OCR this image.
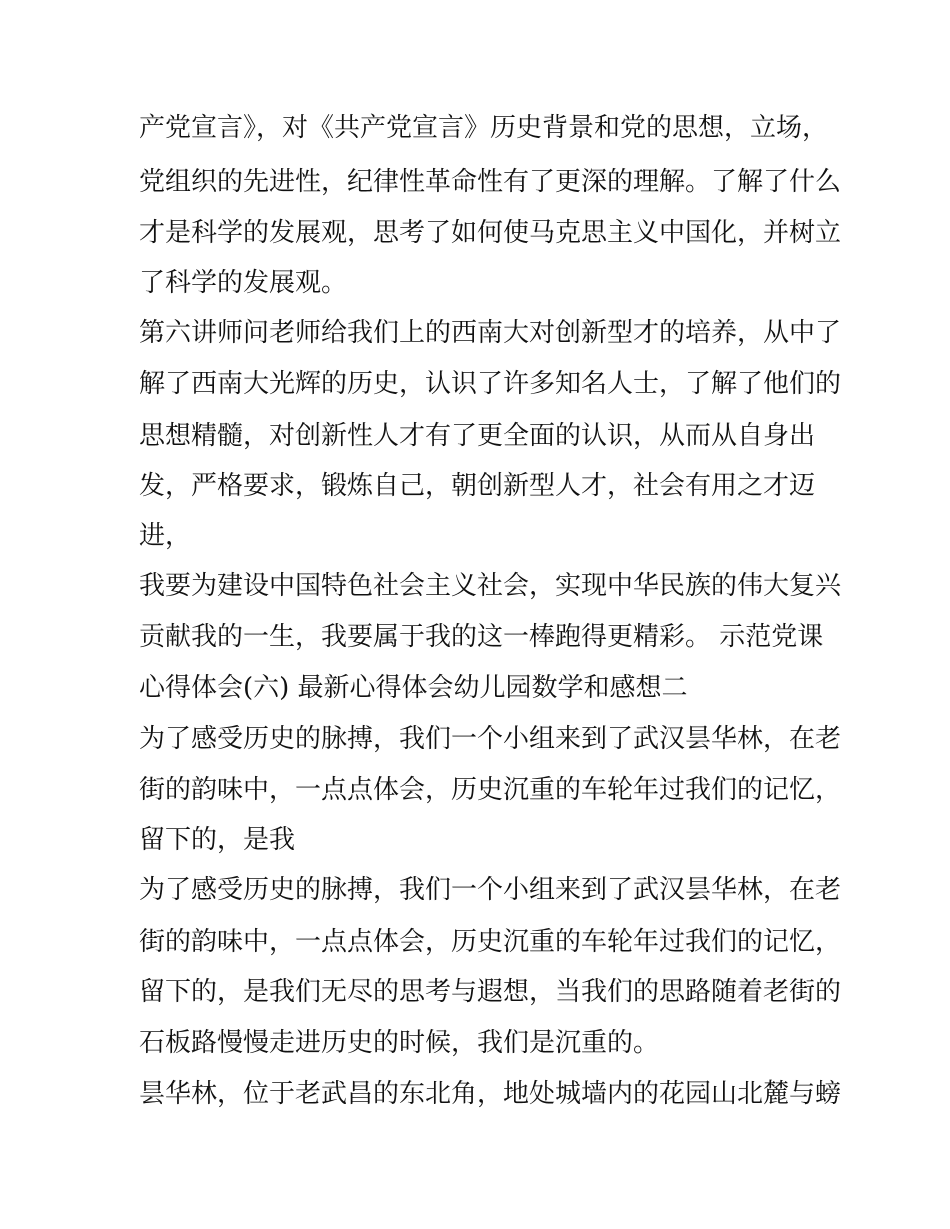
产党宣言》，对《共产党宣言》历史背景和党的思想，立场，
党组织的先进性，纪律性革命性有了更深的理解。了解了什么
才是科学的发展观，思考了如何使马克思主义中国化，并树立
了科学的发展观。
第六讲师问老师给我们上的西南大对创新型才的培养，从中了
解了西南大光辉的历史，认识了许多知名人士，了解了他们的
思想精髓，对创新性人才有了更全面的认识，从而从自身出
发，严格要求，锻炼自己，朝创新型人才，社会有用之才迈
进，
我要为建设中国特色社会主义社会，实现中华民族的伟大复兴
贡献我的一生，我要属于我的这一棒跑得更精彩。 示范党课
心得体会(六) 最新心得体会幼儿园数学和感想二
为了感受历史的脉搏，我们一个小组来到了武汉昙华林，在老
街的韵味中，一点点体会，历史沉重的车轮年过我们的记忆，
留下的，是我
为了感受历史的脉搏，我们一个小组来到了武汉昙华林，在老
街的韵味中，一点点体会，历史沉重的车轮年过我们的记忆，
留下的，是我们无尽的思考与遐想，当我们的思路随着老街的
石板路慢慢走进历史的时候，我们是沉重的。
昙华林，位于老武昌的东北角，地处城墙内的花园山北麓与螃
